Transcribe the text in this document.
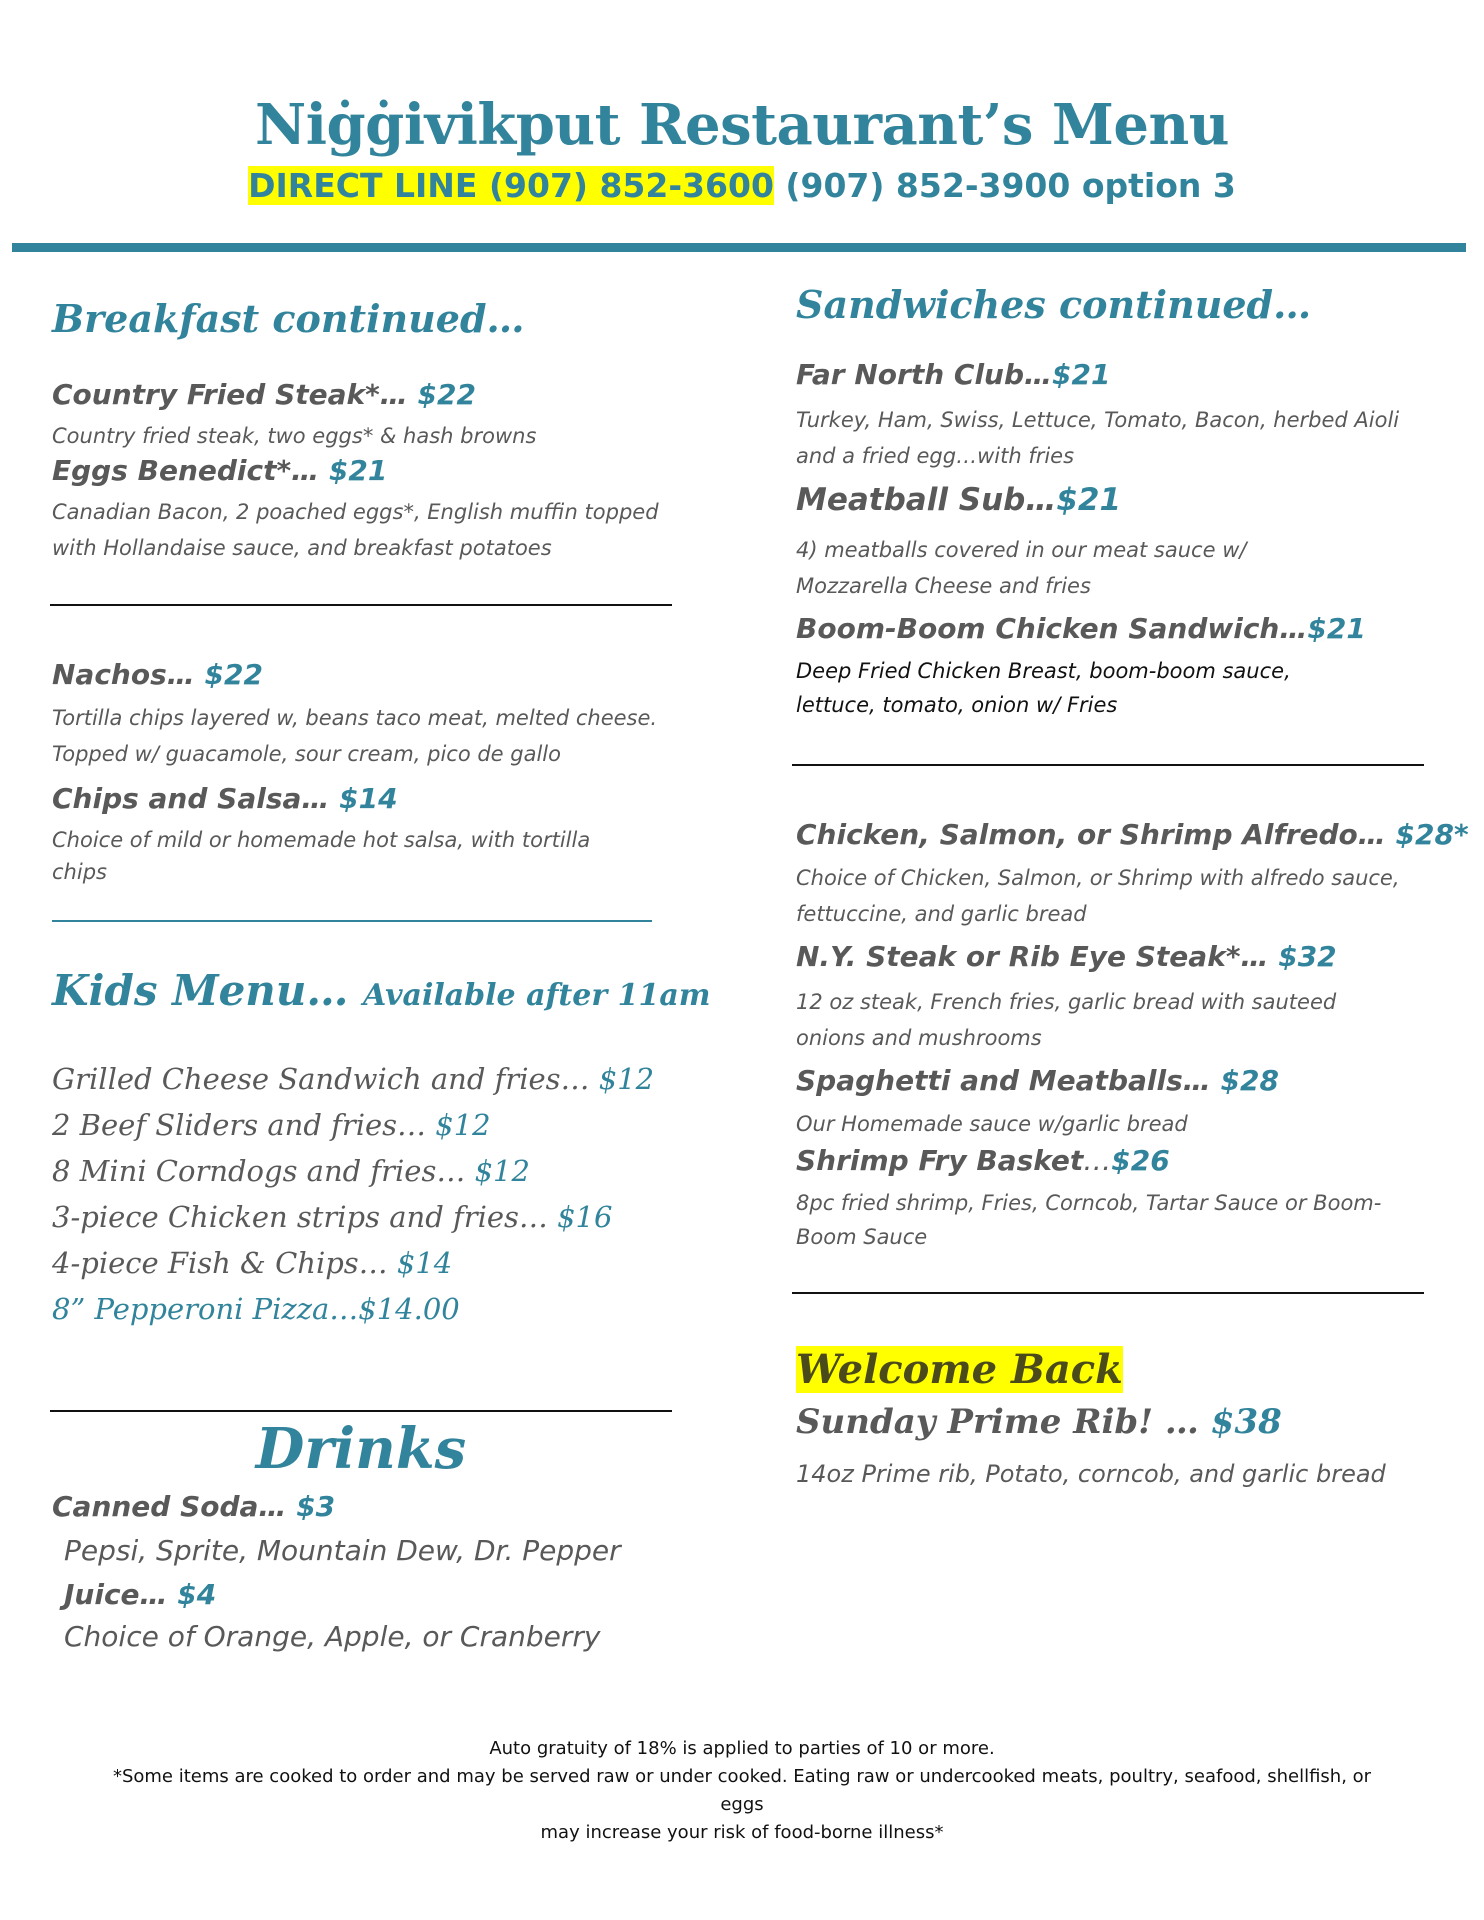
Niġġivikput Restaurant’s Menu
DIRECT LINE (907) 852-3600 (907) 852-3900 option 3
Breakfast continued…
Country Fried Steak*… $22
Country fried steak, two eggs* & hash browns
Eggs Benedict*… $21
Canadian Bacon, 2 poached eggs*, English muffin topped with Hollandaise sauce, and breakfast potatoes
Nachos… $22
Tortilla chips layered w, beans taco meat, melted cheese. Topped w/ guacamole, sour cream, pico de gallo
Chips and Salsa… $14
Choice of mild or homemade hot salsa, with tortilla chips
Kids Menu… Available after 11am
Grilled Cheese Sandwich and fries… $12
2 Beef Sliders and fries… $12
8 Mini Corndogs and fries… $12
3-piece Chicken strips and fries… $16
4-piece Fish & Chips… $14
8” Pepperoni Pizza…$14.00
Drinks
Canned Soda… $3
Pepsi, Sprite, Mountain Dew, Dr. Pepper
Juice… $4
Choice of Orange, Apple, or Cranberry
Sandwiches continued…
Far North Club…$21
Turkey, Ham, Swiss, Lettuce, Tomato, Bacon, herbed Aioli and a fried egg…with fries
Meatball Sub…$21
4) meatballs covered in our meat sauce w/ Mozzarella Cheese and fries
Boom-Boom Chicken Sandwich…$21
Deep Fried Chicken Breast, boom-boom sauce, lettuce, tomato, onion w/ Fries
Chicken, Salmon, or Shrimp Alfredo… $28*
Choice of Chicken, Salmon, or Shrimp with alfredo sauce, fettuccine, and garlic bread
N.Y. Steak or Rib Eye Steak*… $32
12 oz steak, French fries, garlic bread with sauteed onions and mushrooms
Spaghetti and Meatballs… $28
Our Homemade sauce w/garlic bread
Shrimp Fry Basket…$26
8pc fried shrimp, Fries, Corncob, Tartar Sauce or Boom-Boom Sauce
Welcome Back
Sunday Prime Rib! … $38
14oz Prime rib, Potato, corncob, and garlic bread
Auto gratuity of 18% is applied to parties of 10 or more.
*Some items are cooked to order and may be served raw or under cooked. Eating raw or undercooked meats, poultry, seafood, shellfish, or eggs
may increase your risk of food-borne illness*
